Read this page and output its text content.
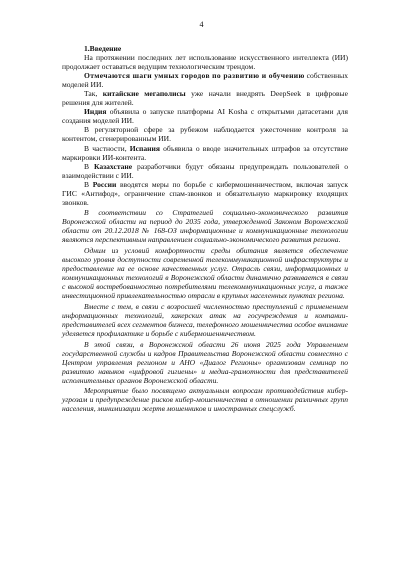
4

1.Введение

На протяжении последних лет использование искусственного интеллекта (ИИ) продолжает оставаться ведущим технологическим трендом.

Отмечаются шаги умных городов по развитию и обучению собственных моделей ИИ.

Так, китайские мегаполисы уже начали внедрять DeepSeek в цифровые решения для жителей.

Индия объявила о запуске платформы AI Kosha с открытыми датасетами для создания моделей ИИ.

В регуляторной сфере за рубежом наблюдается ужесточение контроля за контентом, сгенерированным ИИ.

В частности, Испания объявила о вводе значительных штрафов за отсутствие маркировки ИИ-контента.

В Казахстане разработчики будут обязаны предупреждать пользователей о взаимодействии с ИИ.

В России вводятся меры по борьбе с кибермошенничеством, включая запуск ГИС «Антифод», ограничение спам-звонков и обязательную маркировку входящих звонков.

В соответствии со Стратегией социально-экономического развития Воронежской области на период до 2035 года, утвержденной Законом Воронежской области от 20.12.2018 № 168-ОЗ информационные и коммуникационные технологии являются перспективным направлением социально-экономического развития региона.

Одним из условий комфортности среды обитания является обеспечение высокого уровня доступности современной телекоммуникационной инфраструктуры и предоставление на ее основе качественных услуг. Отрасль связи, информационных и коммуникационных технологий в Воронежской области динамично развивается в связи с высокой востребованностью потребителями телекоммуникационных услуг, а также инвестиционной привлекательностью отрасли в крупных населенных пунктах региона.

Вместе с тем, в связи с возросшей численностью преступлений с применением информационных технологий, хакерских атак на госучреждения и компании-представителей всех сегментов бизнеса, телефонного мошенничества особое внимание уделяется профилактике и борьбе с кибермошенничеством.

В этой связи, в Воронежской области 26 июня 2025 года Управлением государственной службы и кадров Правительства Воронежской области совместно с Центром управления регионом и АНО «Диалог Регионы» организован семинар по развитию навыков «цифровой гигиены» и медиа-грамотности для представителей исполнительных органов Воронежской области.

Мероприятие было посвящено актуальным вопросам противодействия кибер-угрозам и предупреждение рисков кибер-мошенничества в отношении различных групп населения, минимизации жертв мошенников и иностранных спецслужб.
